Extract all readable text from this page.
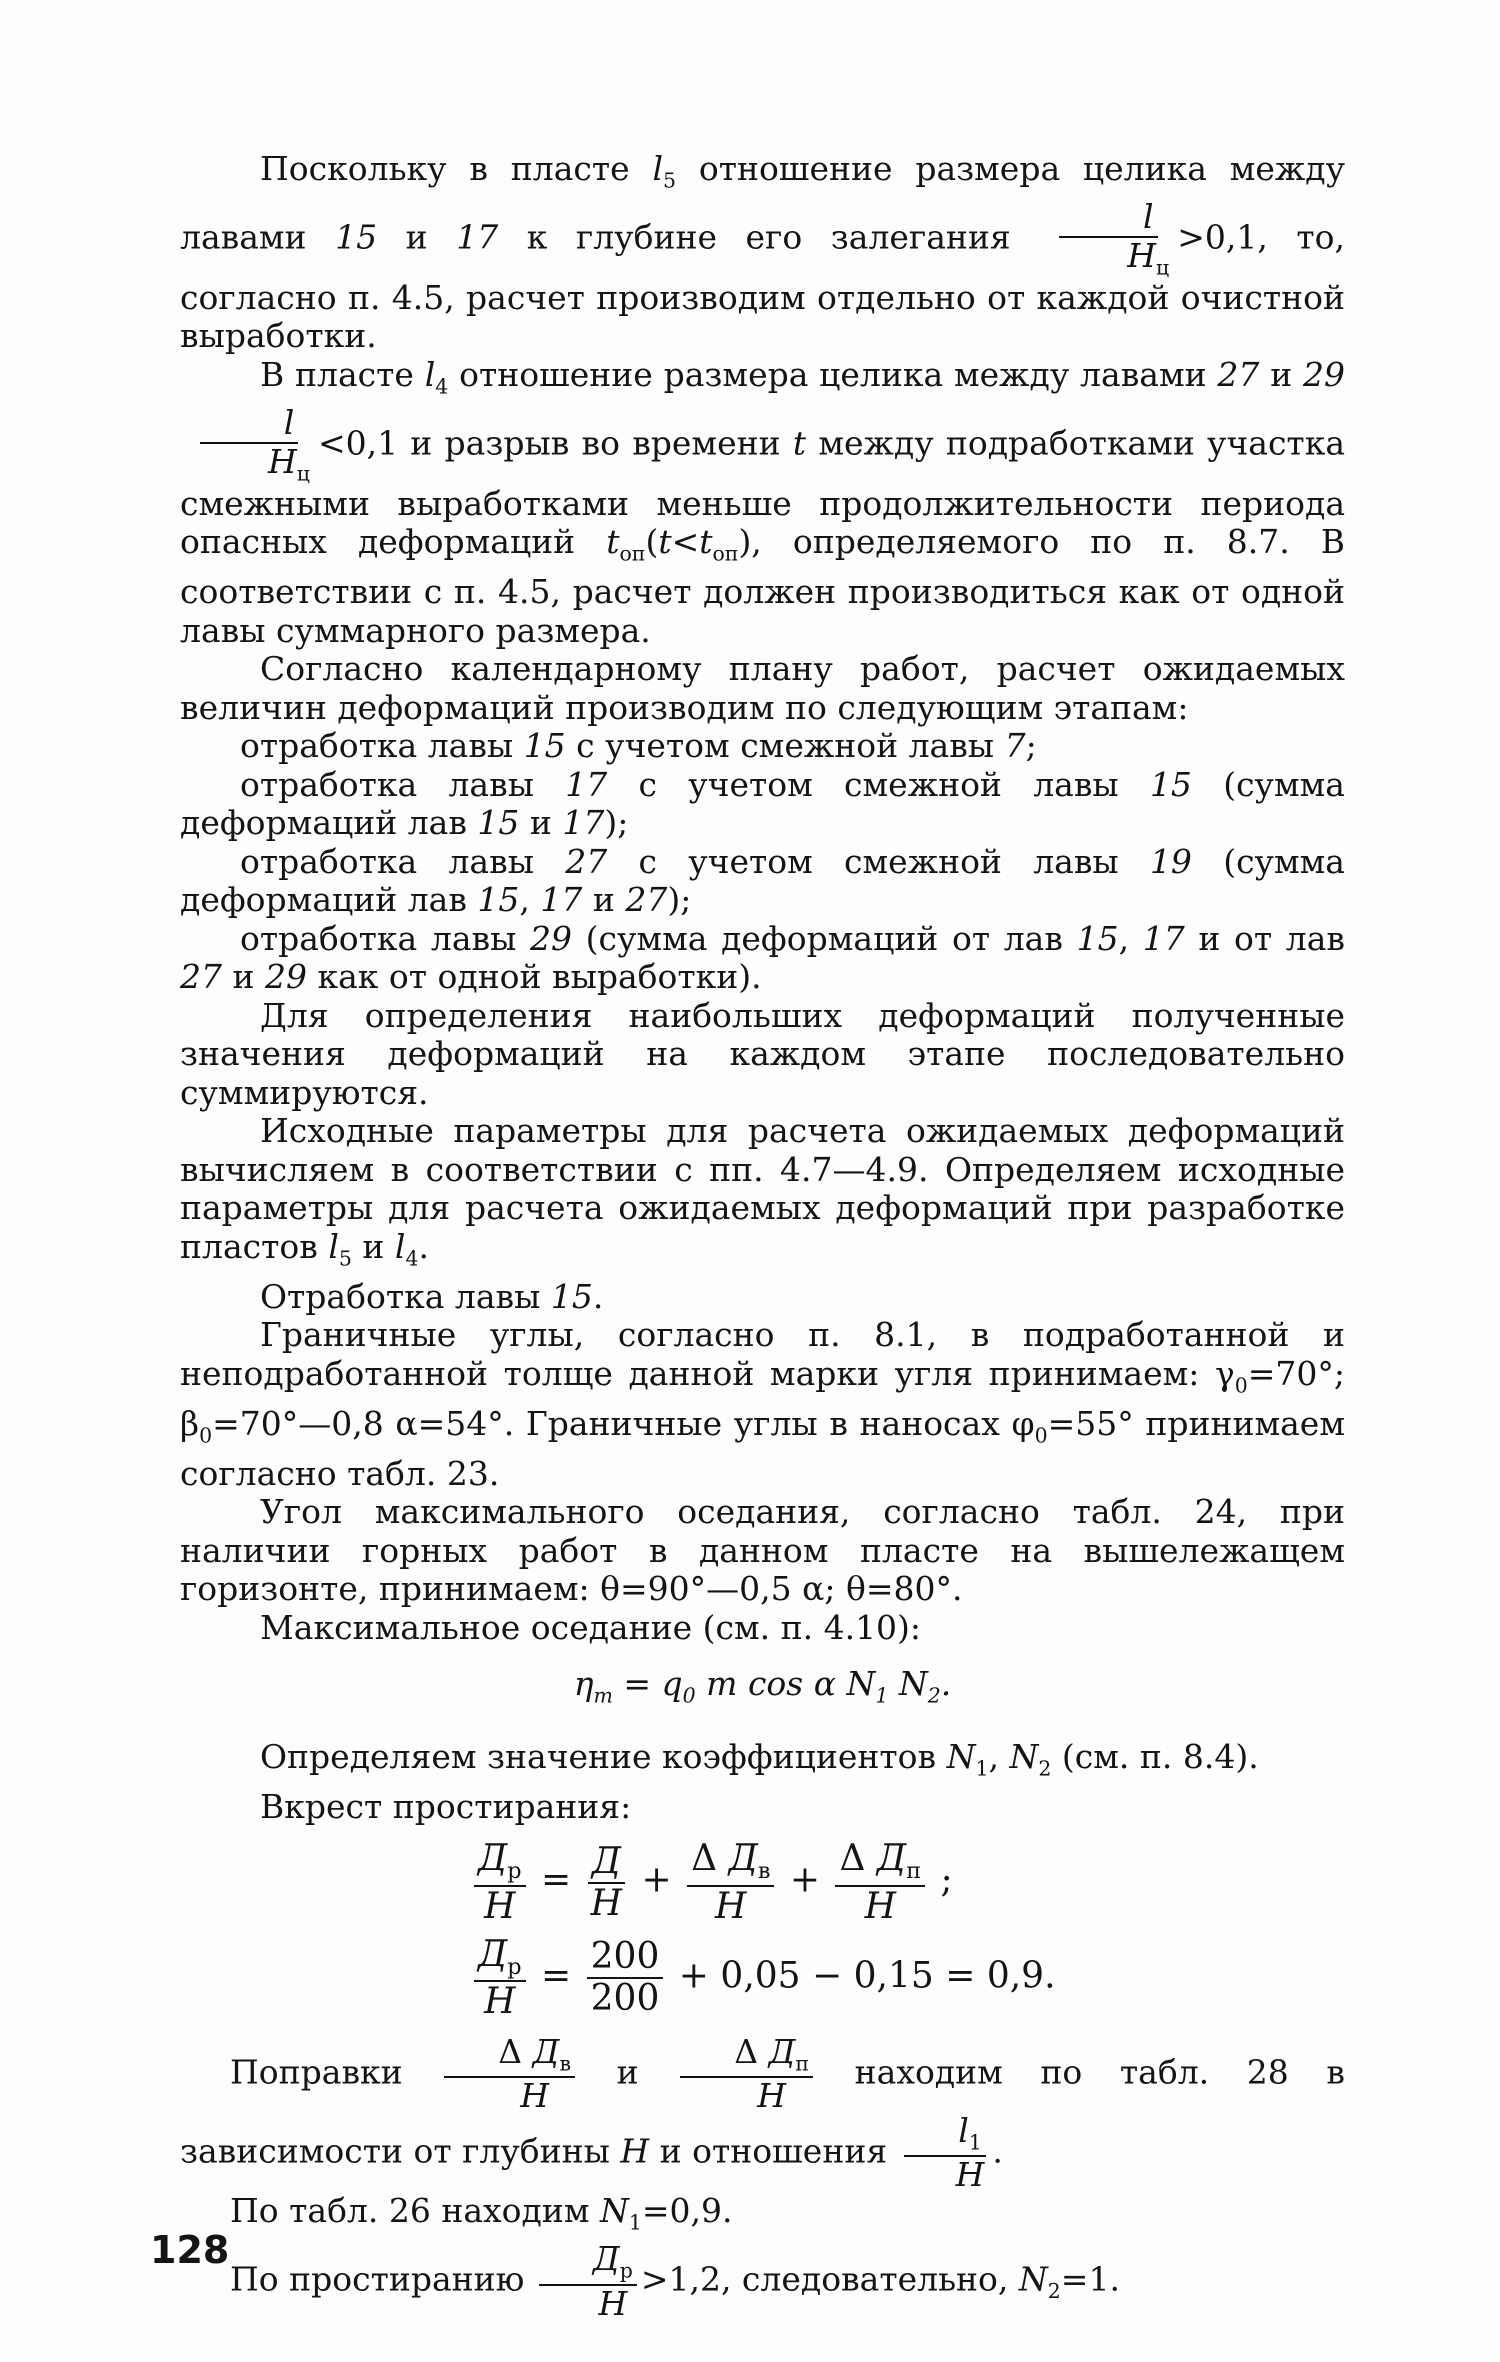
Поскольку в пласте $l_5$ отношение размера целика между лавами 15 и 17 к глубине его залегания
l
$H_ц$
>0,1, то, согласно п. 4.5, расчет производим отдельно от каждой очистной выработки.

В пласте $l_4$ отношение размера целика между лавами 27 и 29
l
$H_ц$
<0,1 и разрыв во времени t между подработками участка смежными выработками меньше продолжительности периода опасных деформаций $t_{оп}(t<t_{оп})$, определяемого по п. 8.7. В соответствии с п. 4.5, расчет должен производиться как от одной лавы суммарного размера.

Согласно календарному плану работ, расчет ожидаемых величин деформаций производим по следующим этапам:

отработка лавы 15 с учетом смежной лавы 7;

отработка лавы 17 с учетом смежной лавы 15 (сумма деформаций лав 15 и 17);

отработка лавы 27 с учетом смежной лавы 19 (сумма деформаций лав 15, 17 и 27);

отработка лавы 29 (сумма деформаций от лав 15, 17 и от лав 27 и 29 как от одной выработки).

Для определения наибольших деформаций полученные значения деформаций на каждом этапе последовательно суммируются.

Исходные параметры для расчета ожидаемых деформаций вычисляем в соответствии с пп. 4.7—4.9. Определяем исходные параметры для расчета ожидаемых деформаций при разработке пластов $l_5$ и $l_4$.

Отработка лавы 15.

Граничные углы, согласно п. 8.1, в подработанной и неподработанной толще данной марки угля принимаем: $\gamma_0=70^\circ$; $\beta_0=70^\circ—0,8$ α=54°. Граничные углы в наносах $\varphi_0=55^\circ$ принимаем согласно табл. 23.

Угол максимального оседания, согласно табл. 24, при наличии горных работ в данном пласте на вышележащем горизонте, принимаем: θ=90°—0,5 α; θ=80°.

Максимальное оседание (см. п. 4.10):

$\eta_m = q_0$ m cos α $N_1$ $N_2$.

Определяем значение коэффициентов $N_1$, $N_2$ (см. п. 8.4).

Вкрест простирания:

$Д_р$
H
= Д
H
+
Δ $Д_в$
H
+
Δ $Д_п$
H
;
$Д_р$
H
= $\frac{200}{200} + 0,05 - 0,15 = 0,9$.

Поправки
Δ $Д_в$
H
и
Δ $Д_п$
H
находим по табл. 28 в зависимости от глубины H и отношения $\frac{l_1}{H}$ .

По табл. 26 находим $N_1=0,9$.

По простиранию
$Д_р$
H
>1,2, следовательно, $N_2=1$.

128
